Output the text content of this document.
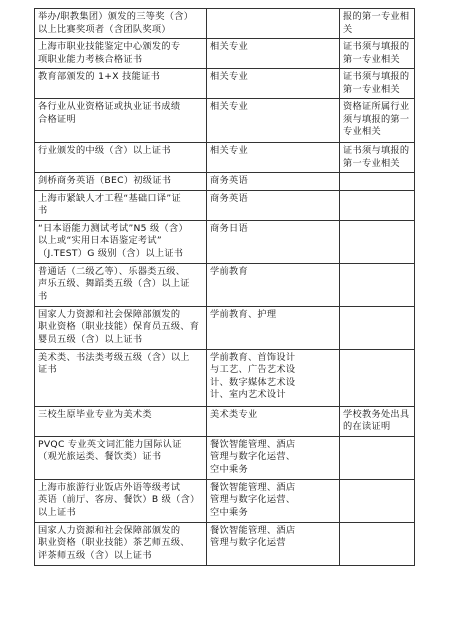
举办/职教集团）颁发的三等奖（含）
以上比赛奖项者（含团队奖项）		报的第一专业相
关
上海市职业技能鉴定中心颁发的专
项职业能力考核合格证书	相关专业	证书须与填报的
第一专业相关
教育部颁发的 1+X 技能证书	相关专业	证书须与填报的
第一专业相关
各行业从业资格证或执业证书成绩
合格证明	相关专业	资格证所属行业
须与填报的第一
专业相关
行业颁发的中级（含）以上证书	相关专业	证书须与填报的
第一专业相关
剑桥商务英语（BEC）初级证书	商务英语	
上海市紧缺人才工程“基础口译”证
书	商务英语	
“日本语能力测试考试”N5 级（含）
以上或“实用日本语鉴定考试”
（J.TEST）G 级别（含）以上证书	商务日语	
普通话（二级乙等）、乐器类五级、
声乐五级、舞蹈类五级（含）以上证
书	学前教育	
国家人力资源和社会保障部颁发的
职业资格（职业技能）保育员五级、育
婴员五级（含）以上证书	学前教育、护理	
美术类、书法类考级五级（含）以上
证书	学前教育、首饰设计
与工艺、广告艺术设
计、数字媒体艺术设
计、室内艺术设计	
三校生原毕业专业为美术类	美术类专业	学校教务处出具
的在读证明
PVQC 专业英文词汇能力国际认证
（观光旅运类、餐饮类）证书	餐饮智能管理、酒店
管理与数字化运营、
空中乘务	
上海市旅游行业饭店外语等级考试
英语（前厅、客房、餐饮）B 级（含）
以上证书	餐饮智能管理、酒店
管理与数字化运营、
空中乘务	
国家人力资源和社会保障部颁发的
职业资格（职业技能）茶艺师五级、
评茶师五级（含）以上证书	餐饮智能管理、酒店
管理与数字化运营	
